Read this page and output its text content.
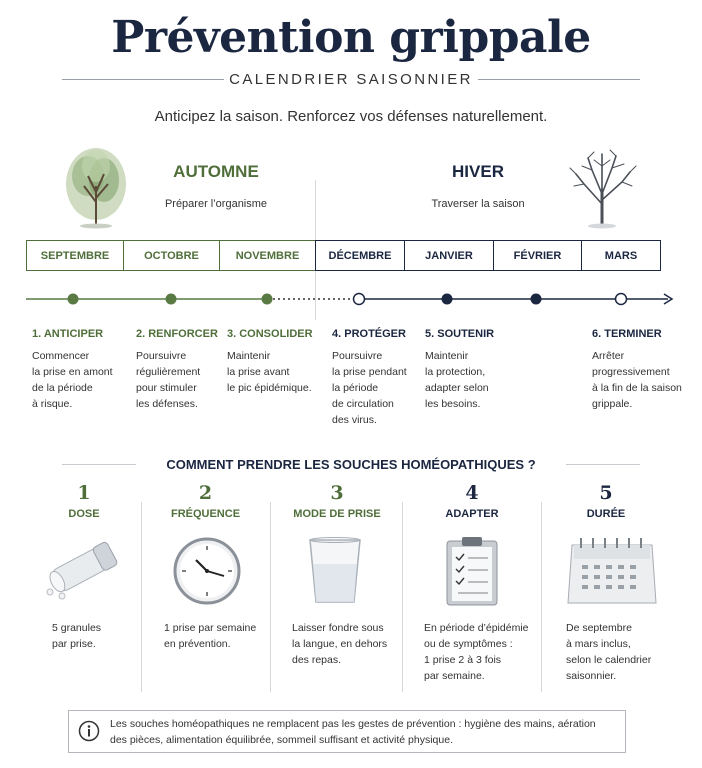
Prévention grippale
CALENDRIER SAISONNIER
Anticipez la saison. Renforcez vos défenses naturellement.
AUTOMNE
Préparer l’organisme
HIVER
Traverser la saison
SEPTEMBRE	OCTOBRE	NOVEMBRE	DÉCEMBRE	JANVIER	FÉVRIER	MARS
1. ANTICIPER
Commencer
la prise en amont
de la période
à risque.
2. RENFORCER
Poursuivre
régulièrement
pour stimuler
les défenses.
3. CONSOLIDER
Maintenir
la prise avant
le pic épidémique.
4. PROTÉGER
Poursuivre
la prise pendant
la période
de circulation
des virus.
5. SOUTENIR
Maintenir
la protection,
adapter selon
les besoins.
6. TERMINER
Arrêter
progressivement
à la fin de la saison
grippale.
COMMENT PRENDRE LES SOUCHES HOMÉOPATHIQUES ?
1
DOSE
5 granules
par prise.
2
FRÉQUENCE
1 prise par semaine
en prévention.
3
MODE DE PRISE
Laisser fondre sous
la langue, en dehors
des repas.
4
ADAPTER
En période d’épidémie
ou de symptômes :
1 prise 2 à 3 fois
par semaine.
5
DURÉE
De septembre
à mars inclus,
selon le calendrier
saisonnier.
Les souches homéopathiques ne remplacent pas les gestes de prévention : hygiène des mains, aération des pièces, alimentation équilibrée, sommeil suffisant et activité physique.
